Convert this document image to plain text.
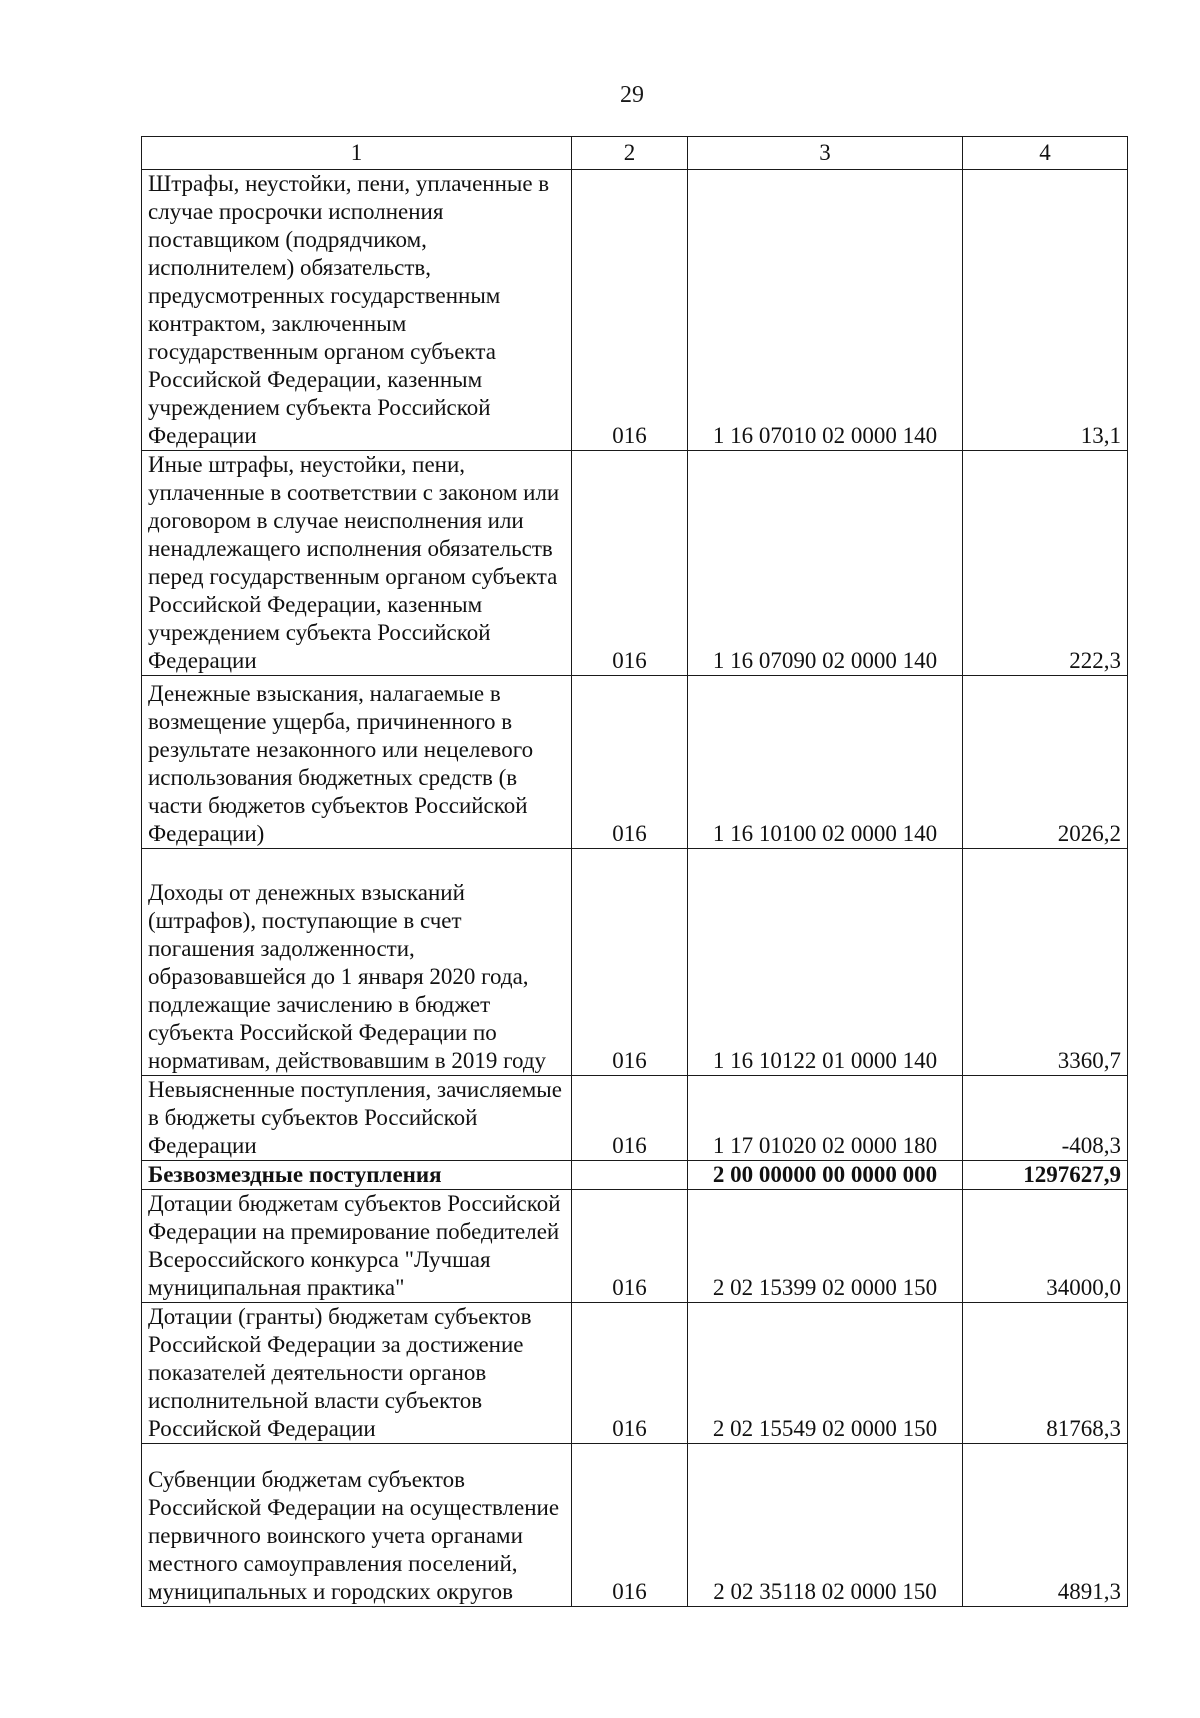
29
1	2	3	4
Штрафы, неустойки, пени, уплаченные в случае просрочки исполнения поставщиком (подрядчиком, исполнителем) обязательств, предусмотренных государственным контрактом, заключенным государственным органом субъекта Российской Федерации, казенным учреждением субъекта Российской Федерации	016	1 16 07010 02 0000 140	13,1
Иные штрафы, неустойки, пени, уплаченные в соответствии с законом или договором в случае неисполнения или ненадлежащего исполнения обязательств перед государственным органом субъекта Российской Федерации, казенным учреждением субъекта Российской Федерации	016	1 16 07090 02 0000 140	222,3
Денежные взыскания, налагаемые в возмещение ущерба, причиненного в результате незаконного или нецелевого использования бюджетных средств (в части бюджетов субъектов Российской Федерации)	016	1 16 10100 02 0000 140	2026,2
Доходы от денежных взысканий (штрафов), поступающие в счет погашения задолженности, образовавшейся до 1 января 2020 года, подлежащие зачислению в бюджет субъекта Российской Федерации по нормативам, действовавшим в 2019 году	016	1 16 10122 01 0000 140	3360,7
Невыясненные поступления, зачисляемые в бюджеты субъектов Российской Федерации	016	1 17 01020 02 0000 180	-408,3
Безвозмездные поступления		2 00 00000 00 0000 000	1297627,9
Дотации бюджетам субъектов Российской Федерации на премирование победителей Всероссийского конкурса "Лучшая муниципальная практика"	016	2 02 15399 02 0000 150	34000,0
Дотации (гранты) бюджетам субъектов Российской Федерации за достижение показателей деятельности органов исполнительной власти субъектов Российской Федерации	016	2 02 15549 02 0000 150	81768,3
Субвенции бюджетам субъектов Российской Федерации на осуществление первичного воинского учета органами местного самоуправления поселений, муниципальных и городских округов	016	2 02 35118 02 0000 150	4891,3
